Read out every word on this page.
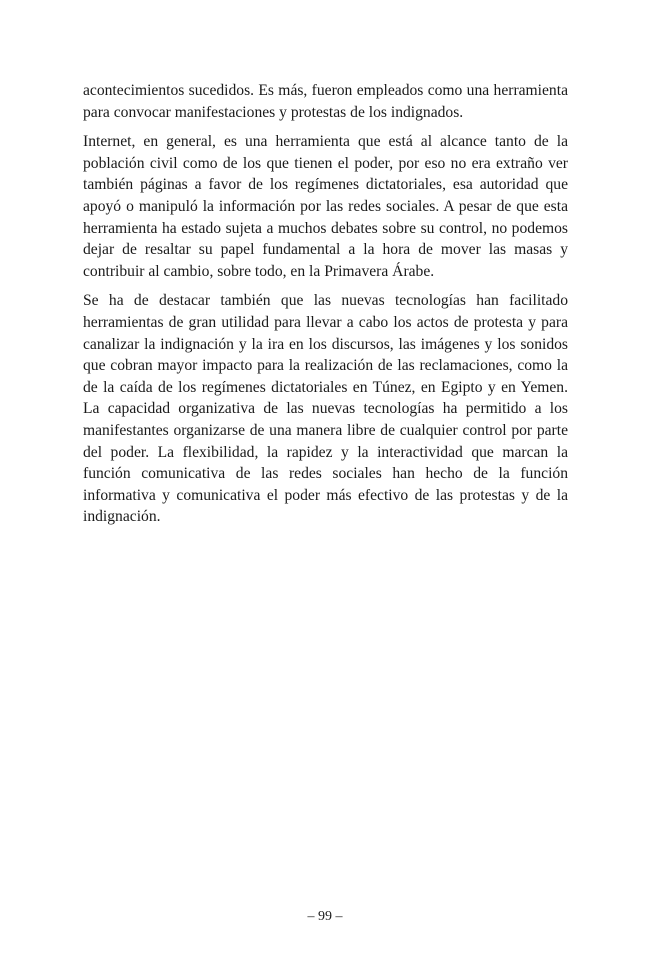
acontecimientos sucedidos. Es más, fueron empleados como una herramienta para convocar manifestaciones y protestas de los indignados.

Internet, en general, es una herramienta que está al alcance tanto de la población civil como de los que tienen el poder, por eso no era extraño ver también páginas a favor de los regímenes dictatoriales, esa autoridad que apoyó o manipuló la información por las redes sociales. A pesar de que esta herramienta ha estado sujeta a muchos debates sobre su control, no podemos dejar de resaltar su papel fundamental a la hora de mover las masas y contribuir al cambio, sobre todo, en la Primavera Árabe.

Se ha de destacar también que las nuevas tecnologías han facilitado herramientas de gran utilidad para llevar a cabo los actos de protesta y para canalizar la indignación y la ira en los discursos, las imágenes y los sonidos que cobran mayor impacto para la realización de las reclamaciones, como la de la caída de los regímenes dictatoriales en Túnez, en Egipto y en Yemen. La capacidad organizativa de las nuevas tecnologías ha permitido a los manifestantes organizarse de una manera libre de cualquier control por parte del poder. La flexibilidad, la rapidez y la interactividad que marcan la función comunicativa de las redes sociales han hecho de la función informativa y comunicativa el poder más efectivo de las protestas y de la indignación.

– 99 –
